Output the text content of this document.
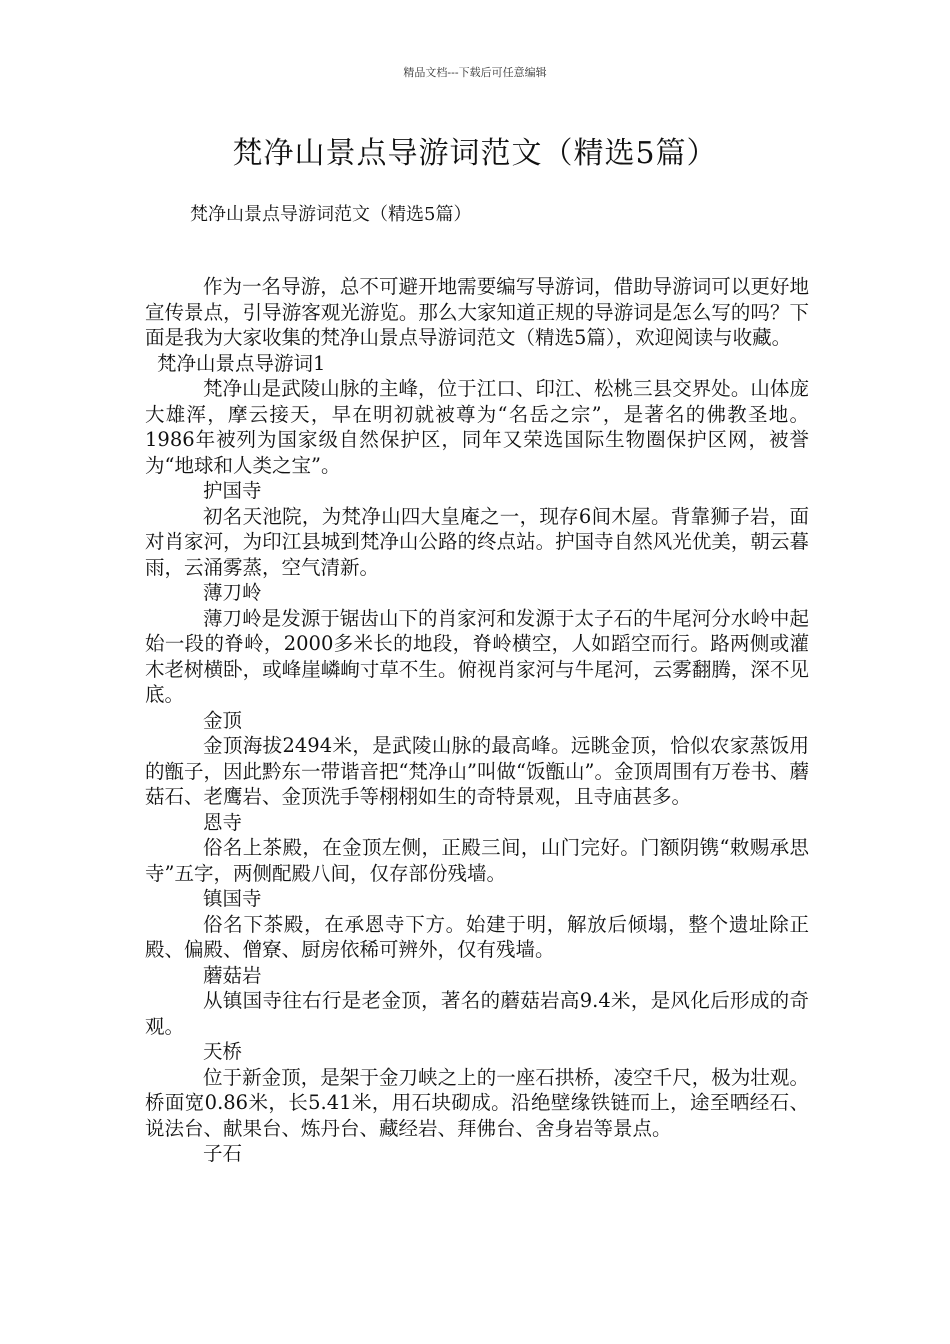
精品文档---下载后可任意编辑
梵净山景点导游词范文（精选5篇）
梵净山景点导游词范文（精选5篇）

作为一名导游，总不可避开地需要编写导游词，借助导游词可以更好地宣传景点，引导游客观光游览。那么大家知道正规的导游词是怎么写的吗？下面是我为大家收集的梵净山景点导游词范文（精选5篇），欢迎阅读与收藏。

梵净山景点导游词1

梵净山是武陵山脉的主峰，位于江口、印江、松桃三县交界处。山体庞大雄浑，摩云接天，早在明初就被尊为“名岳之宗”，是著名的佛教圣地。1986年被列为国家级自然保护区，同年又荣选国际生物圈保护区网，被誉为“地球和人类之宝”。

护国寺

初名天池院，为梵净山四大皇庵之一，现存6间木屋。背靠狮子岩，面对肖家河，为印江县城到梵净山公路的终点站。护国寺自然风光优美，朝云暮雨，云涌雾蒸，空气清新。

薄刀岭

薄刀岭是发源于锯齿山下的肖家河和发源于太子石的牛尾河分水岭中起始一段的脊岭，2000多米长的地段，脊岭横空，人如蹈空而行。路两侧或灌木老树横卧，或峰崖嶙峋寸草不生。俯视肖家河与牛尾河，云雾翻腾，深不见底。

金顶

金顶海拔2494米，是武陵山脉的最高峰。远眺金顶，恰似农家蒸饭用的甑子，因此黔东一带谐音把“梵净山”叫做“饭甑山”。金顶周围有万卷书、蘑菇石、老鹰岩、金顶洗手等栩栩如生的奇特景观，且寺庙甚多。

恩寺

俗名上茶殿，在金顶左侧，正殿三间，山门完好。门额阴镌“敕赐承思寺”五字，两侧配殿八间，仅存部份残墙。

镇国寺

俗名下茶殿，在承恩寺下方。始建于明，解放后倾塌，整个遗址除正殿、偏殿、僧寮、厨房依稀可辨外，仅有残墙。

蘑菇岩

从镇国寺往右行是老金顶，著名的蘑菇岩高9.4米，是风化后形成的奇观。

天桥

位于新金顶，是架于金刀峡之上的一座石拱桥，凌空千尺，极为壮观。桥面宽0.86米，长5.41米，用石块砌成。沿绝壁缘铁链而上，途至晒经石、说法台、献果台、炼丹台、藏经岩、拜佛台、舍身岩等景点。

子石
